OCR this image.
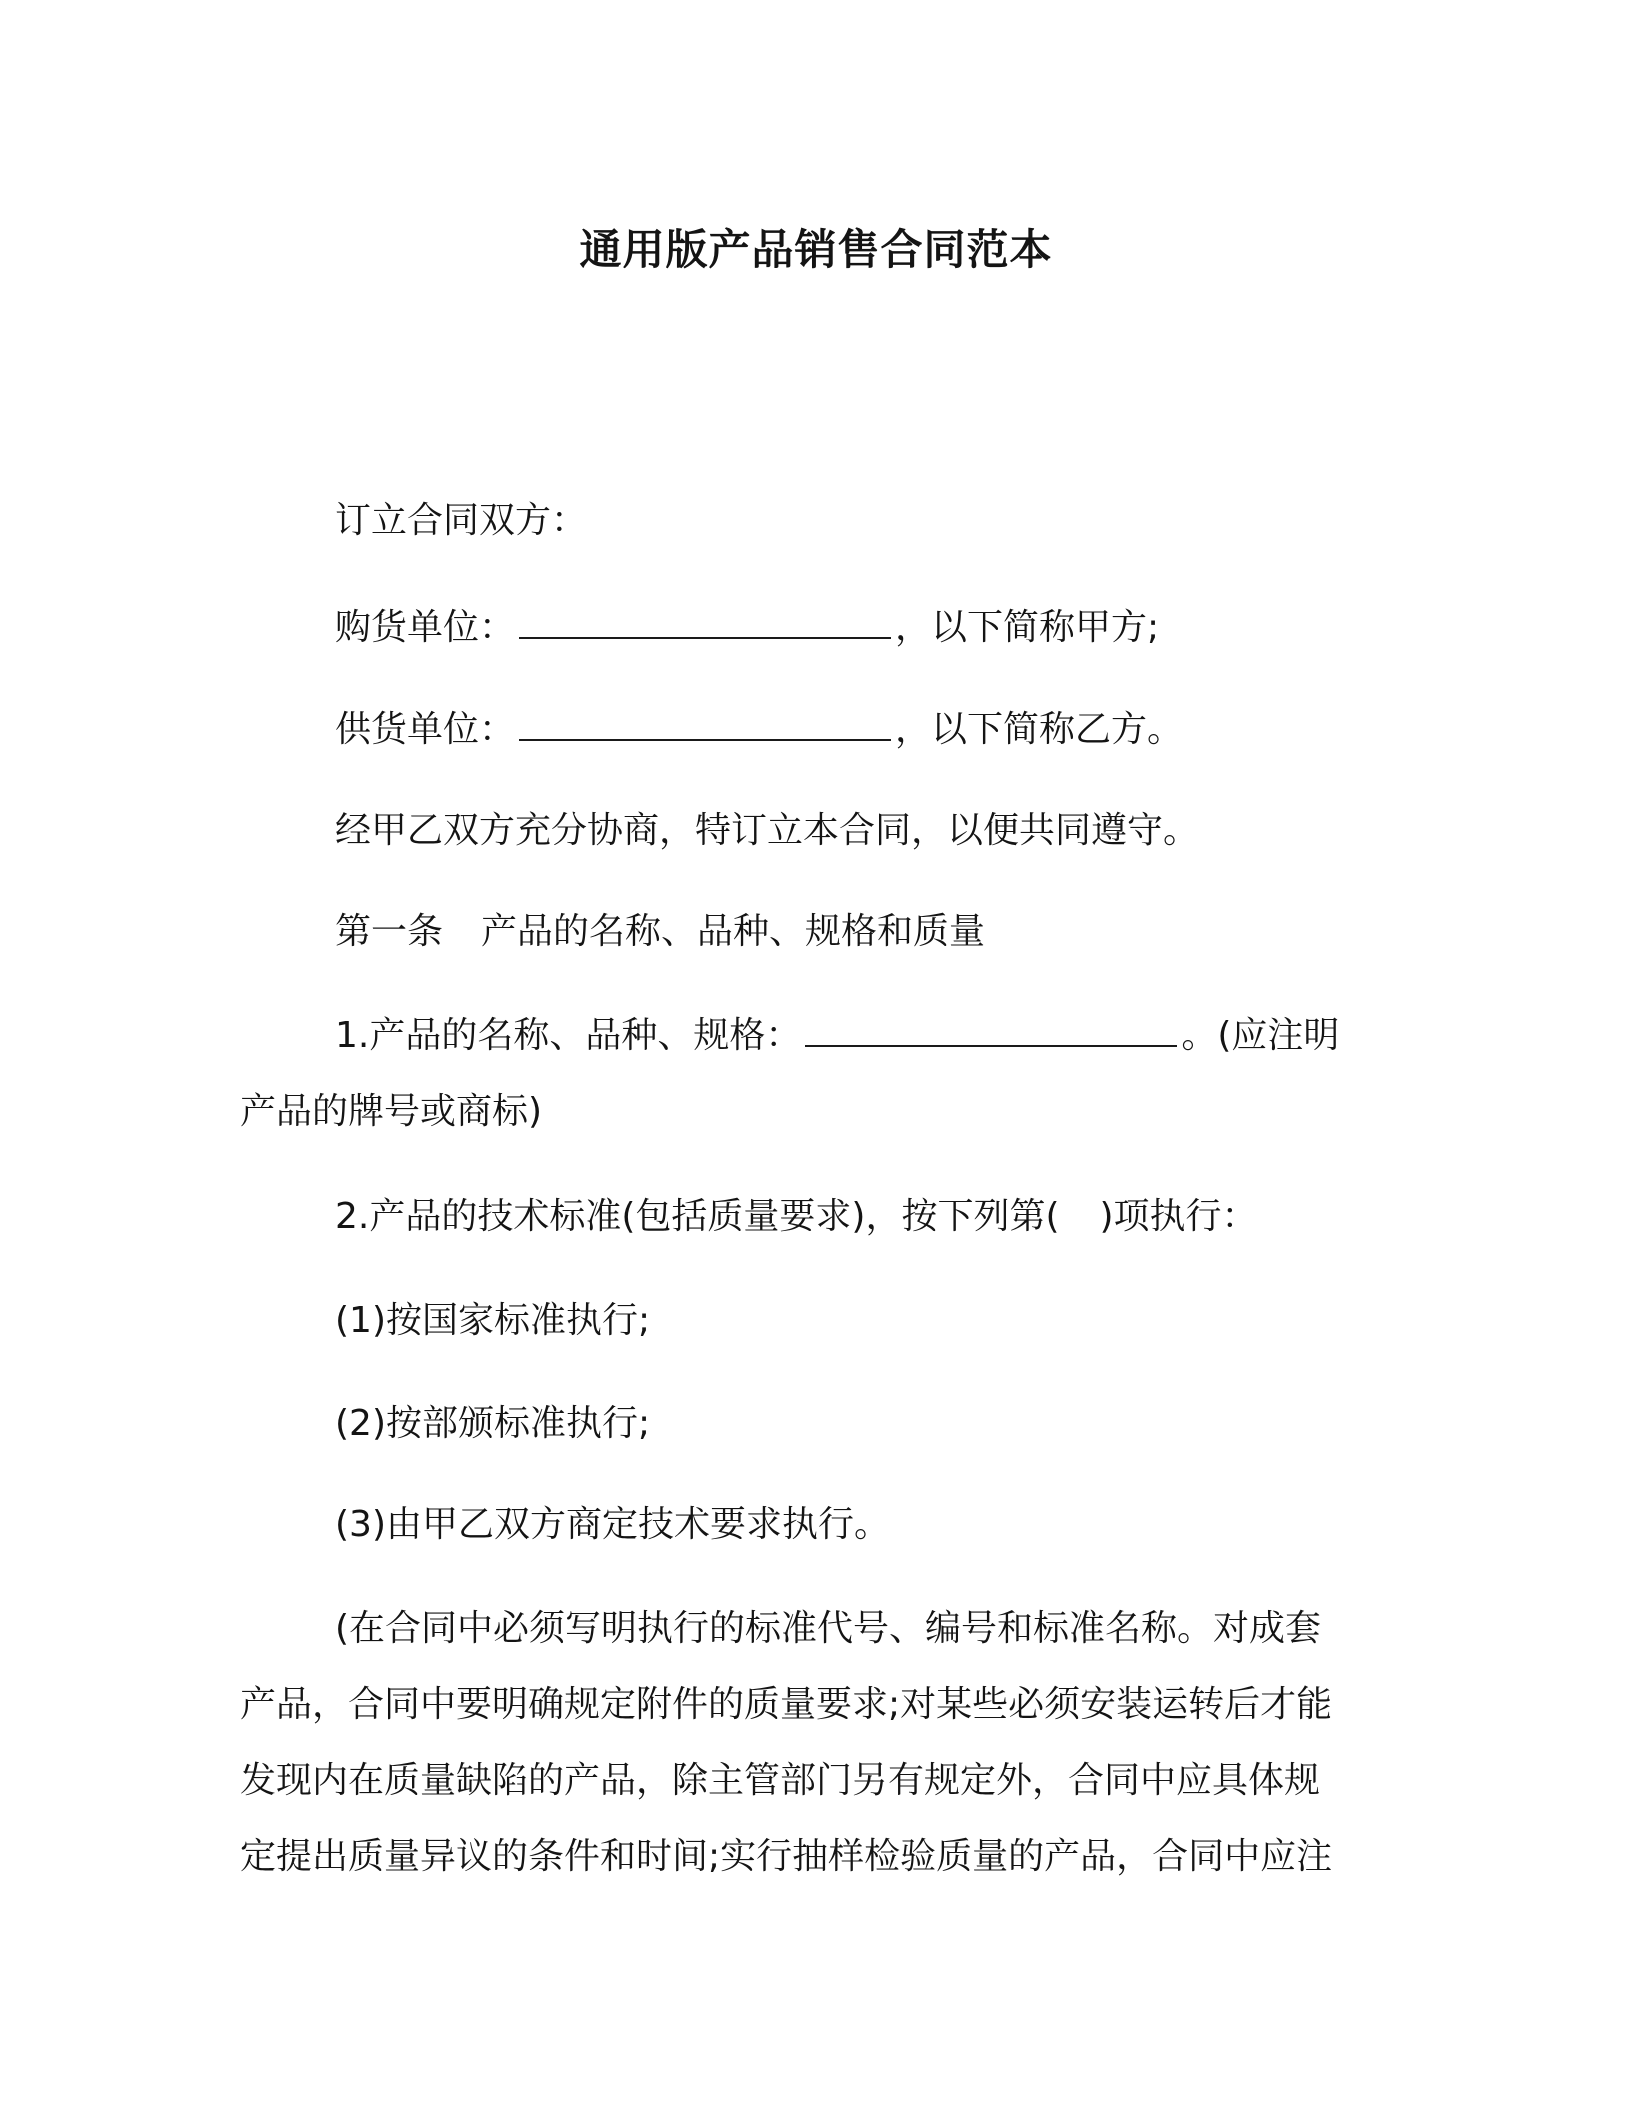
通用版产品销售合同范本
订立合同双方：
购货单位：	，以下简称甲方;
供货单位：	，以下简称乙方。
经甲乙双方充分协商，特订立本合同，以便共同遵守。
第一条 产品的名称、品种、规格和质量
1.产品的名称、品种、规格：	。(应注明
产品的牌号或商标)
2.产品的技术标准(包括质量要求)，按下列第( )项执行：
(1)按国家标准执行;
(2)按部颁标准执行;
(3)由甲乙双方商定技术要求执行。
(在合同中必须写明执行的标准代号、编号和标准名称。对成套
产品，合同中要明确规定附件的质量要求;对某些必须安装运转后才能
发现内在质量缺陷的产品，除主管部门另有规定外，合同中应具体规
定提出质量异议的条件和时间;实行抽样检验质量的产品，合同中应注
